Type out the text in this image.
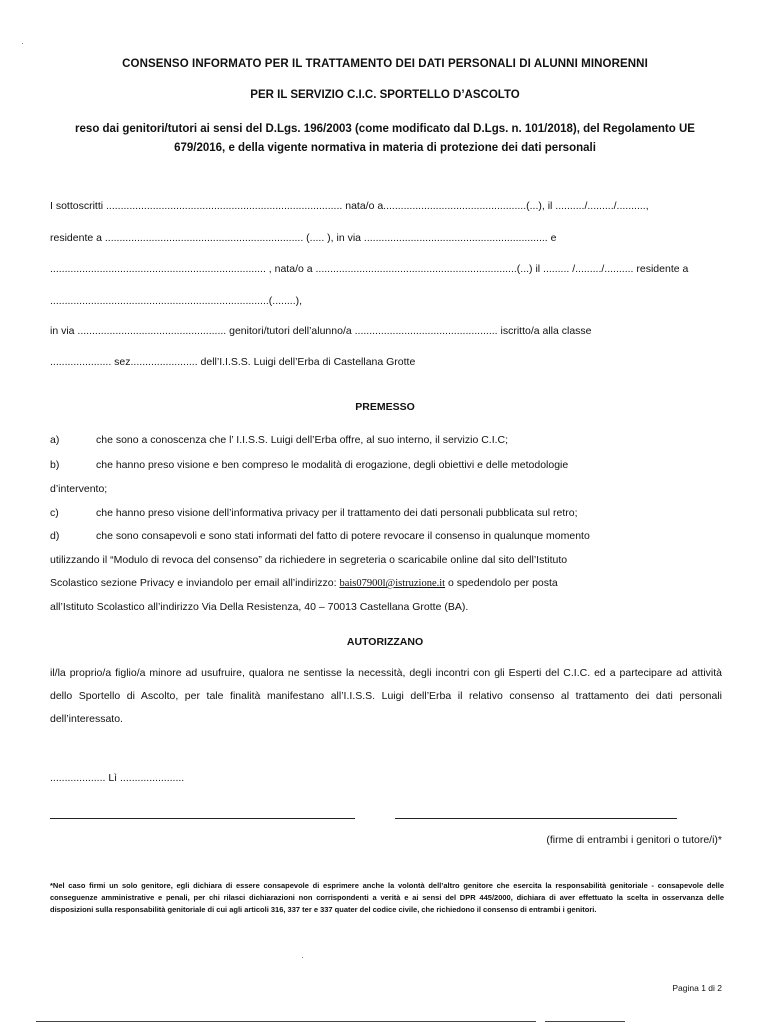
CONSENSO INFORMATO PER IL TRATTAMENTO DEI DATI PERSONALI DI ALUNNI MINORENNI
PER IL SERVIZIO C.I.C. SPORTELLO D’ASCOLTO
reso dai genitori/tutori ai sensi del D.Lgs. 196/2003 (come modificato dal D.Lgs. n. 101/2018), del Regolamento UE 679/2016, e della vigente normativa in materia di protezione dei dati personali
I sottoscritti ................................................................................. nata/o a.................................................(...), il ........../........./..........,
residente a .................................................................... (..... ), in via ............................................................... e
.......................................................................... , nata/o a .....................................................................(...) il ......... /........./.......... residente a
...........................................................................(........),
in via ................................................... genitori/tutori dell’alunno/a ................................................. iscritto/a alla classe
..................... sez....................... dell’I.I.S.S. Luigi dell’Erba di Castellana Grotte
PREMESSO
a)	che sono a conoscenza che l’ I.I.S.S. Luigi dell’Erba offre, al suo interno, il servizio C.I.C;
b)	che hanno preso visione e ben compreso le modalità di erogazione, degli obiettivi e delle metodologie
d’intervento;
c)	che hanno preso visione dell’informativa privacy per il trattamento dei dati personali pubblicata sul retro;
d)	che sono consapevoli e sono stati informati del fatto di potere revocare il consenso in qualunque momento
utilizzando il “Modulo di revoca del consenso” da richiedere in segreteria o scaricabile online dal sito dell’Istituto
Scolastico sezione Privacy e inviandolo per email all’indirizzo: bais07900l@istruzione.it o spedendolo per posta
all’Istituto Scolastico all’indirizzo Via Della Resistenza, 40 – 70013 Castellana Grotte (BA).
AUTORIZZANO
il/la proprio/a figlio/a minore ad usufruire, qualora ne sentisse la necessità, degli incontri con gli Esperti del C.I.C. ed a partecipare ad attività dello Sportello di Ascolto, per tale finalità manifestano all’I.I.S.S. Luigi dell’Erba il relativo consenso al trattamento dei dati personali dell’interessato.
................... Lì ......................
(firme di entrambi i genitori o tutore/i)*
*Nel caso firmi un solo genitore, egli dichiara di essere consapevole di esprimere anche la volontà dell’altro genitore che esercita la responsabilità genitoriale - consapevole delle conseguenze amministrative e penali, per chi rilasci dichiarazioni non corrispondenti a verità e ai sensi del DPR 445/2000, dichiara di aver effettuato la scelta in osservanza delle disposizioni sulla responsabilità genitoriale di cui agli articoli 316, 337 ter e 337 quater del codice civile, che richiedono il consenso di entrambi i genitori.
Pagina 1 di 2
